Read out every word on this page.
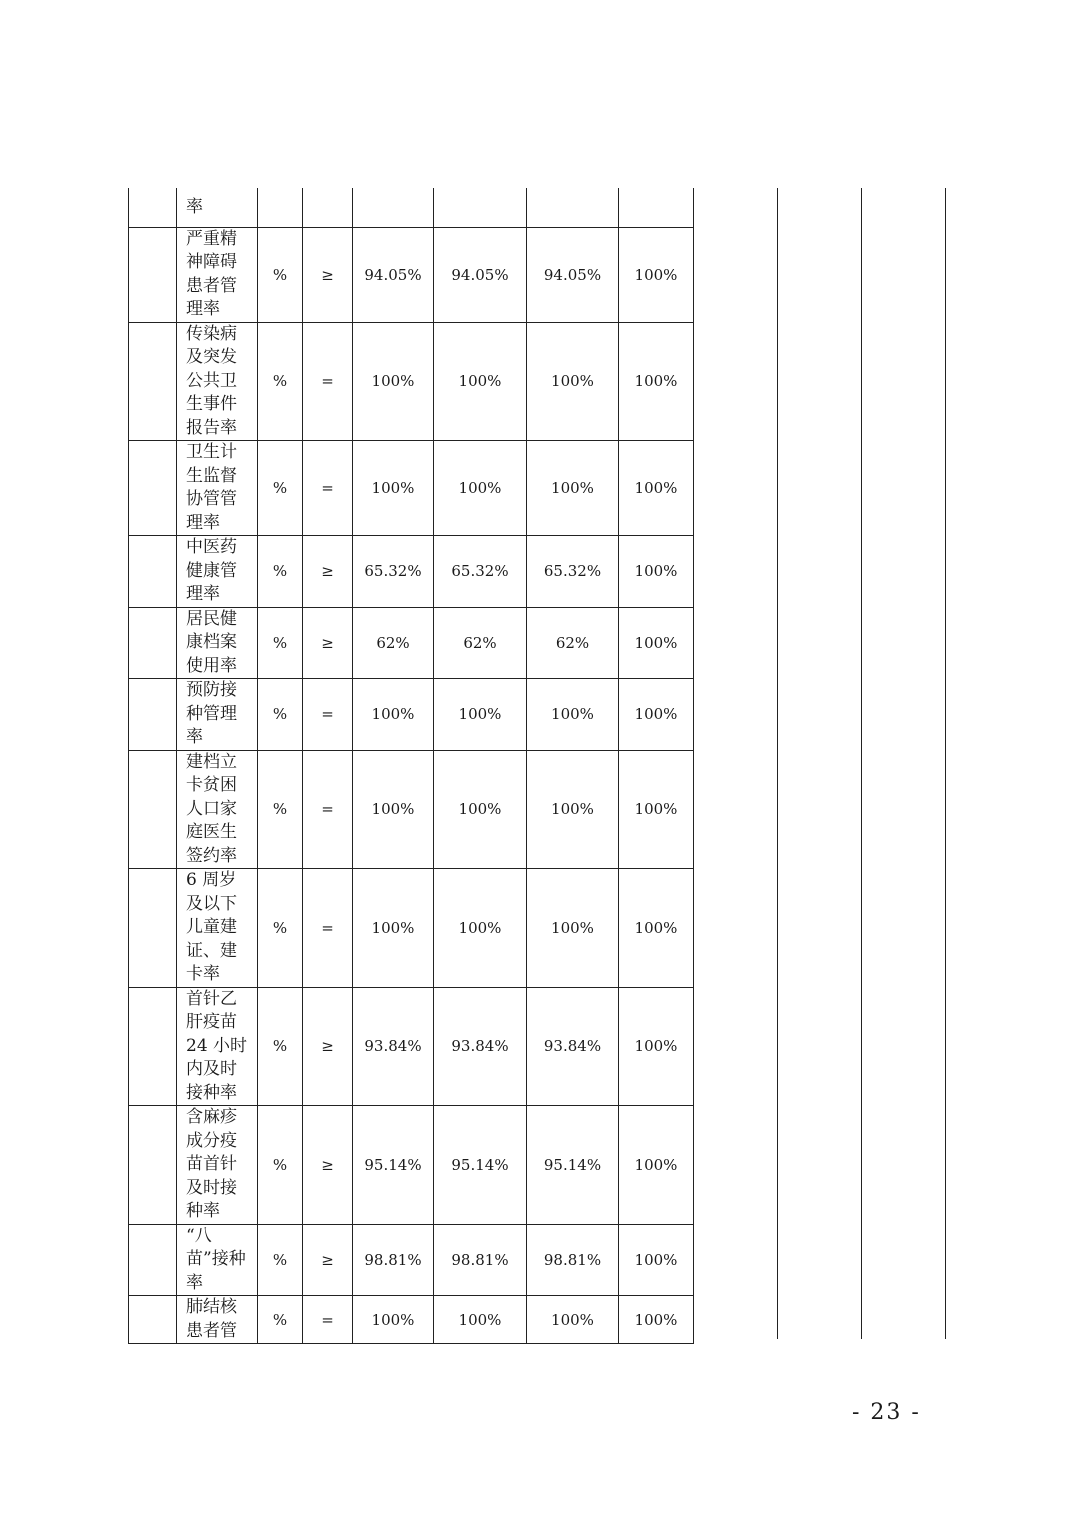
	率						
	严重精神障碍患者管理率	%	≥	94.05%	94.05%	94.05%	100%
	传染病及突发公共卫生事件报告率	%	=	100%	100%	100%	100%
	卫生计生监督协管管理率	%	=	100%	100%	100%	100%
	中医药健康管理率	%	≥	65.32%	65.32%	65.32%	100%
	居民健康档案使用率	%	≥	62%	62%	62%	100%
	预防接种管理率	%	=	100%	100%	100%	100%
	建档立卡贫困人口家庭医生签约率	%	=	100%	100%	100%	100%
	6 周岁及以下儿童建证、建卡率	%	=	100%	100%	100%	100%
	首针乙肝疫苗 24 小时内及时接种率	%	≥	93.84%	93.84%	93.84%	100%
	含麻疹成分疫苗首针及时接种率	%	≥	95.14%	95.14%	95.14%	100%
	“八苗”接种率	%	≥	98.81%	98.81%	98.81%	100%
	肺结核患者管	%	=	100%	100%	100%	100%
- 23 -
